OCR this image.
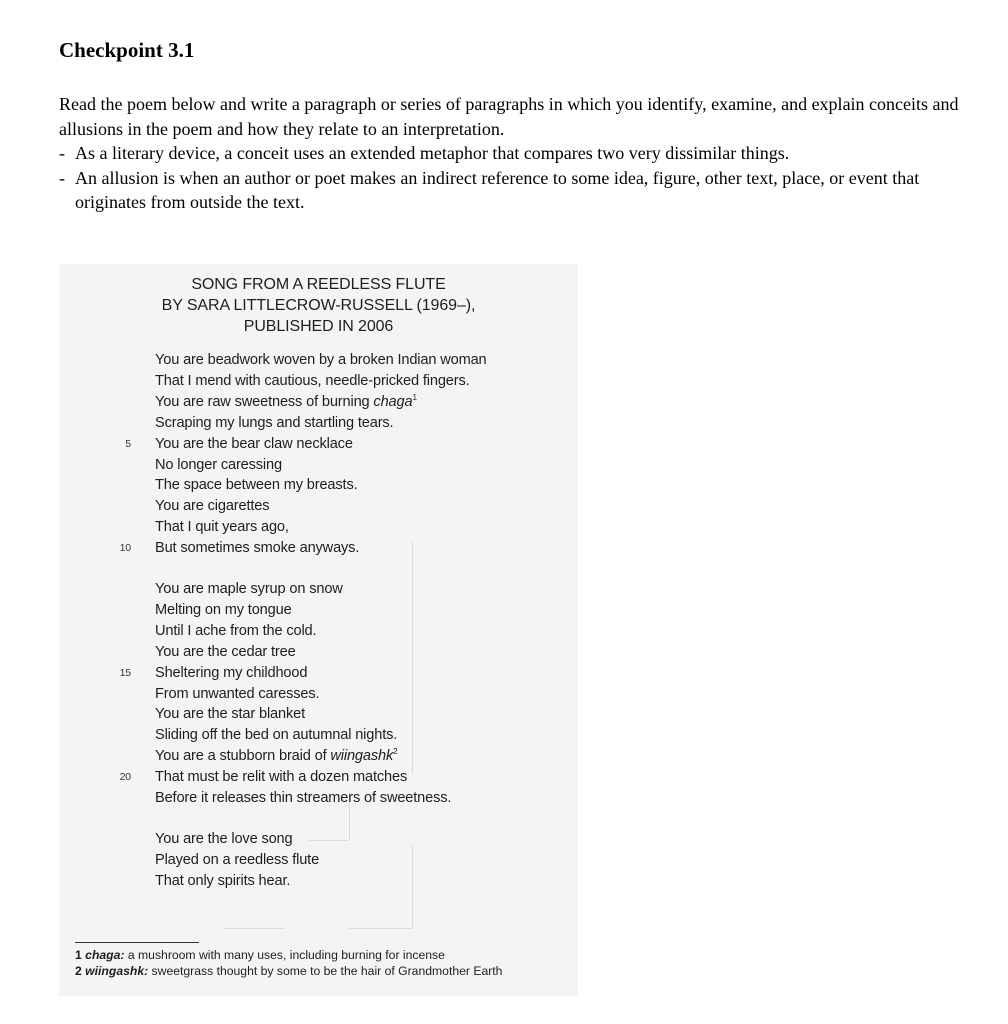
Checkpoint 3.1
Read the poem below and write a paragraph or series of paragraphs in which you identify, examine, and explain conceits and allusions in the poem and how they relate to an interpretation.
- As a literary device, a conceit uses an extended metaphor that compares two very dissimilar things.
- An allusion is when an author or poet makes an indirect reference to some idea, figure, other text, place, or event that originates from outside the text.
SONG FROM A REEDLESS FLUTE
BY SARA LITTLECROW-RUSSELL (1969–),
PUBLISHED IN 2006
You are beadwork woven by a broken Indian woman
That I mend with cautious, needle-pricked fingers.
You are raw sweetness of burning chaga$^1$
Scraping my lungs and startling tears.
5 You are the bear claw necklace
No longer caressing
The space between my breasts.
You are cigarettes
That I quit years ago,
10 But sometimes smoke anyways.
You are maple syrup on snow
Melting on my tongue
Until I ache from the cold.
You are the cedar tree
15 Sheltering my childhood
From unwanted caresses.
You are the star blanket
Sliding off the bed on autumnal nights.
You are a stubborn braid of wiingashk$^2$
20 That must be relit with a dozen matches
Before it releases thin streamers of sweetness.
You are the love song
Played on a reedless flute
That only spirits hear.
1 chaga: a mushroom with many uses, including burning for incense
2 wiingashk: sweetgrass thought by some to be the hair of Grandmother Earth
